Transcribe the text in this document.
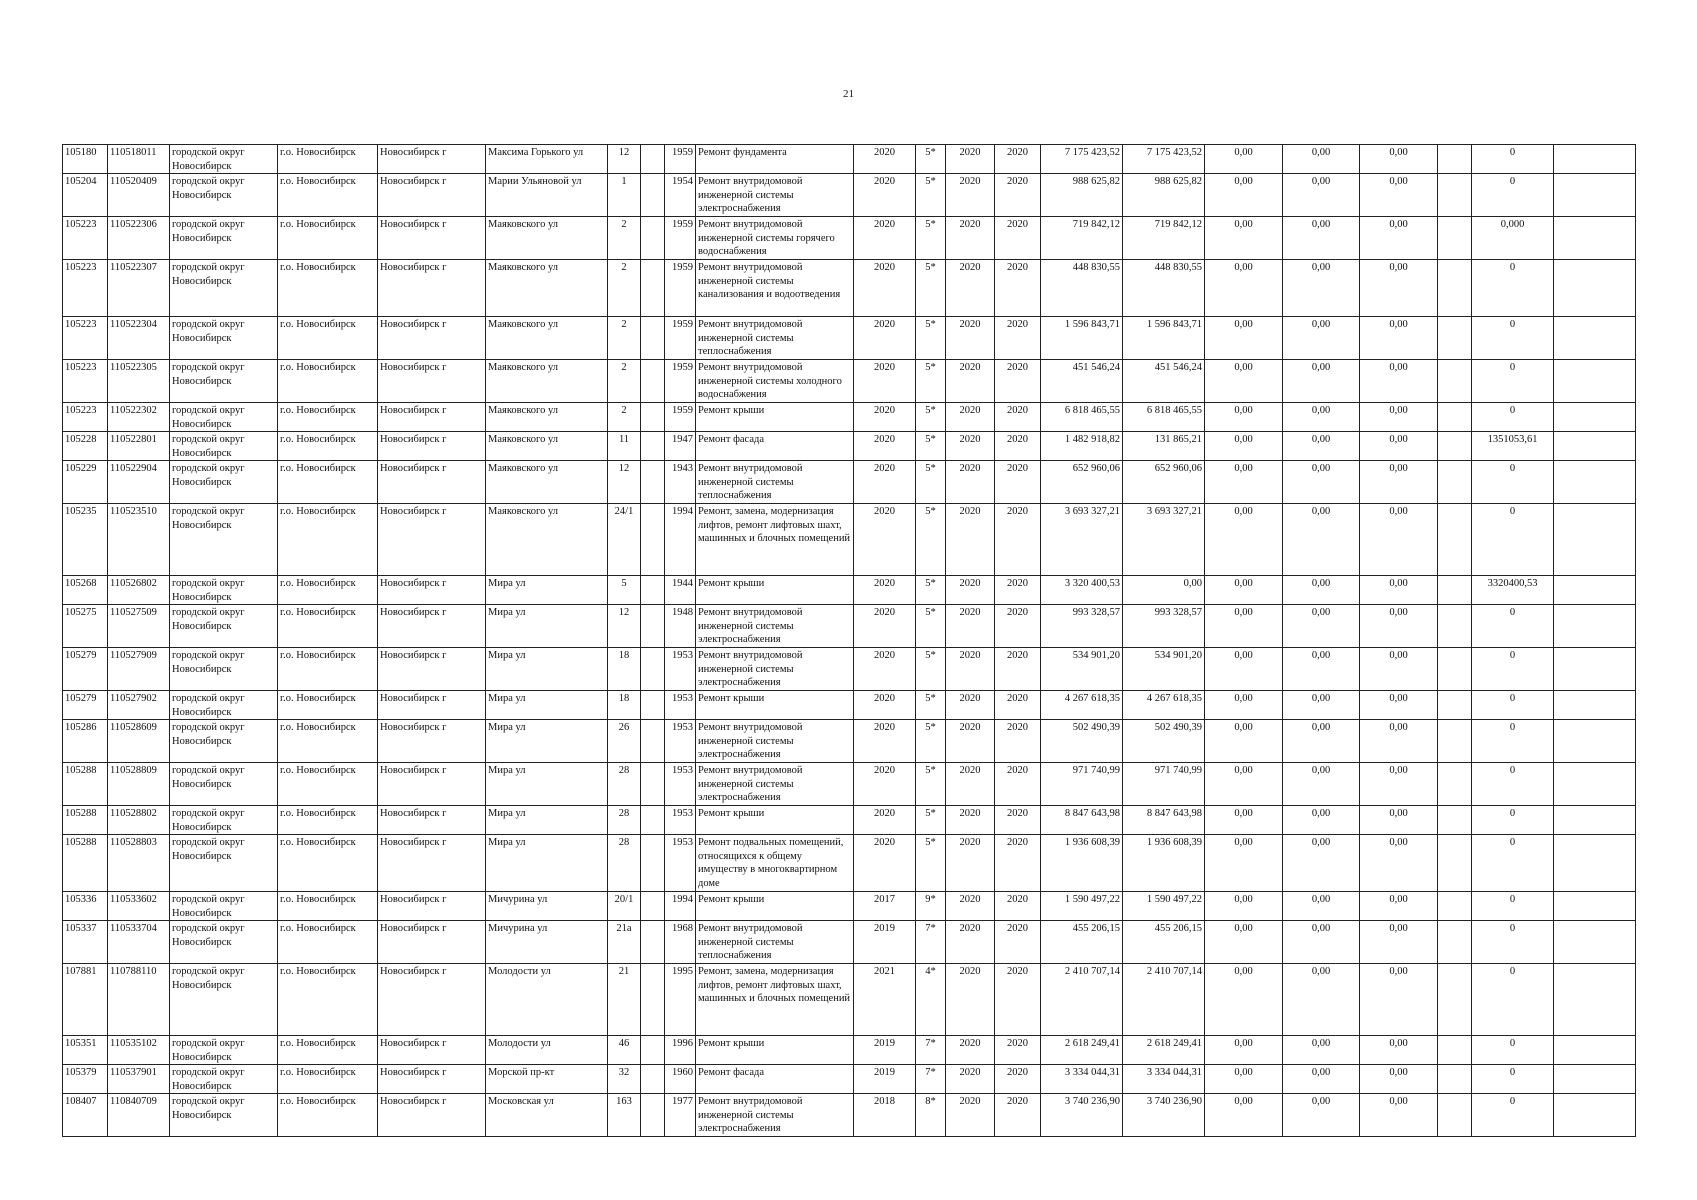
21
105180	110518011	городской округ Новосибирск	г.о. Новосибирск	Новосибирск г	Максима Горького ул	12		1959	Ремонт фундамента	2020	5*	2020	2020	7 175 423,52	7 175 423,52	0,00	0,00	0,00		0	
105204	110520409	городской округ Новосибирск	г.о. Новосибирск	Новосибирск г	Марии Ульяновой ул	1		1954	Ремонт внутридомовой инженерной системы электроснабжения	2020	5*	2020	2020	988 625,82	988 625,82	0,00	0,00	0,00		0	
105223	110522306	городской округ Новосибирск	г.о. Новосибирск	Новосибирск г	Маяковского ул	2		1959	Ремонт внутридомовой инженерной системы горячего водоснабжения	2020	5*	2020	2020	719 842,12	719 842,12	0,00	0,00	0,00		0,000	
105223	110522307	городской округ Новосибирск	г.о. Новосибирск	Новосибирск г	Маяковского ул	2		1959	Ремонт внутридомовой инженерной системы канализования и водоотведения	2020	5*	2020	2020	448 830,55	448 830,55	0,00	0,00	0,00		0	
105223	110522304	городской округ Новосибирск	г.о. Новосибирск	Новосибирск г	Маяковского ул	2		1959	Ремонт внутридомовой инженерной системы теплоснабжения	2020	5*	2020	2020	1 596 843,71	1 596 843,71	0,00	0,00	0,00		0	
105223	110522305	городской округ Новосибирск	г.о. Новосибирск	Новосибирск г	Маяковского ул	2		1959	Ремонт внутридомовой инженерной системы холодного водоснабжения	2020	5*	2020	2020	451 546,24	451 546,24	0,00	0,00	0,00		0	
105223	110522302	городской округ Новосибирск	г.о. Новосибирск	Новосибирск г	Маяковского ул	2		1959	Ремонт крыши	2020	5*	2020	2020	6 818 465,55	6 818 465,55	0,00	0,00	0,00		0	
105228	110522801	городской округ Новосибирск	г.о. Новосибирск	Новосибирск г	Маяковского ул	11		1947	Ремонт фасада	2020	5*	2020	2020	1 482 918,82	131 865,21	0,00	0,00	0,00		1351053,61	
105229	110522904	городской округ Новосибирск	г.о. Новосибирск	Новосибирск г	Маяковского ул	12		1943	Ремонт внутридомовой инженерной системы теплоснабжения	2020	5*	2020	2020	652 960,06	652 960,06	0,00	0,00	0,00		0	
105235	110523510	городской округ Новосибирск	г.о. Новосибирск	Новосибирск г	Маяковского ул	24/1		1994	Ремонт, замена, модернизация лифтов, ремонт лифтовых шахт, машинных и блочных помещений	2020	5*	2020	2020	3 693 327,21	3 693 327,21	0,00	0,00	0,00		0	
105268	110526802	городской округ Новосибирск	г.о. Новосибирск	Новосибирск г	Мира ул	5		1944	Ремонт крыши	2020	5*	2020	2020	3 320 400,53	0,00	0,00	0,00	0,00		3320400,53	
105275	110527509	городской округ Новосибирск	г.о. Новосибирск	Новосибирск г	Мира ул	12		1948	Ремонт внутридомовой инженерной системы электроснабжения	2020	5*	2020	2020	993 328,57	993 328,57	0,00	0,00	0,00		0	
105279	110527909	городской округ Новосибирск	г.о. Новосибирск	Новосибирск г	Мира ул	18		1953	Ремонт внутридомовой инженерной системы электроснабжения	2020	5*	2020	2020	534 901,20	534 901,20	0,00	0,00	0,00		0	
105279	110527902	городской округ Новосибирск	г.о. Новосибирск	Новосибирск г	Мира ул	18		1953	Ремонт крыши	2020	5*	2020	2020	4 267 618,35	4 267 618,35	0,00	0,00	0,00		0	
105286	110528609	городской округ Новосибирск	г.о. Новосибирск	Новосибирск г	Мира ул	26		1953	Ремонт внутридомовой инженерной системы электроснабжения	2020	5*	2020	2020	502 490,39	502 490,39	0,00	0,00	0,00		0	
105288	110528809	городской округ Новосибирск	г.о. Новосибирск	Новосибирск г	Мира ул	28		1953	Ремонт внутридомовой инженерной системы электроснабжения	2020	5*	2020	2020	971 740,99	971 740,99	0,00	0,00	0,00		0	
105288	110528802	городской округ Новосибирск	г.о. Новосибирск	Новосибирск г	Мира ул	28		1953	Ремонт крыши	2020	5*	2020	2020	8 847 643,98	8 847 643,98	0,00	0,00	0,00		0	
105288	110528803	городской округ Новосибирск	г.о. Новосибирск	Новосибирск г	Мира ул	28		1953	Ремонт подвальных помещений, относящихся к общему имуществу в многоквартирном доме	2020	5*	2020	2020	1 936 608,39	1 936 608,39	0,00	0,00	0,00		0	
105336	110533602	городской округ Новосибирск	г.о. Новосибирск	Новосибирск г	Мичурина ул	20/1		1994	Ремонт крыши	2017	9*	2020	2020	1 590 497,22	1 590 497,22	0,00	0,00	0,00		0	
105337	110533704	городской округ Новосибирск	г.о. Новосибирск	Новосибирск г	Мичурина ул	21а		1968	Ремонт внутридомовой инженерной системы теплоснабжения	2019	7*	2020	2020	455 206,15	455 206,15	0,00	0,00	0,00		0	
107881	110788110	городской округ Новосибирск	г.о. Новосибирск	Новосибирск г	Молодости ул	21		1995	Ремонт, замена, модернизация лифтов, ремонт лифтовых шахт, машинных и блочных помещений	2021	4*	2020	2020	2 410 707,14	2 410 707,14	0,00	0,00	0,00		0	
105351	110535102	городской округ Новосибирск	г.о. Новосибирск	Новосибирск г	Молодости ул	46		1996	Ремонт крыши	2019	7*	2020	2020	2 618 249,41	2 618 249,41	0,00	0,00	0,00		0	
105379	110537901	городской округ Новосибирск	г.о. Новосибирск	Новосибирск г	Морской пр-кт	32		1960	Ремонт фасада	2019	7*	2020	2020	3 334 044,31	3 334 044,31	0,00	0,00	0,00		0	
108407	110840709	городской округ Новосибирск	г.о. Новосибирск	Новосибирск г	Московская ул	163		1977	Ремонт внутридомовой инженерной системы электроснабжения	2018	8*	2020	2020	3 740 236,90	3 740 236,90	0,00	0,00	0,00		0	
